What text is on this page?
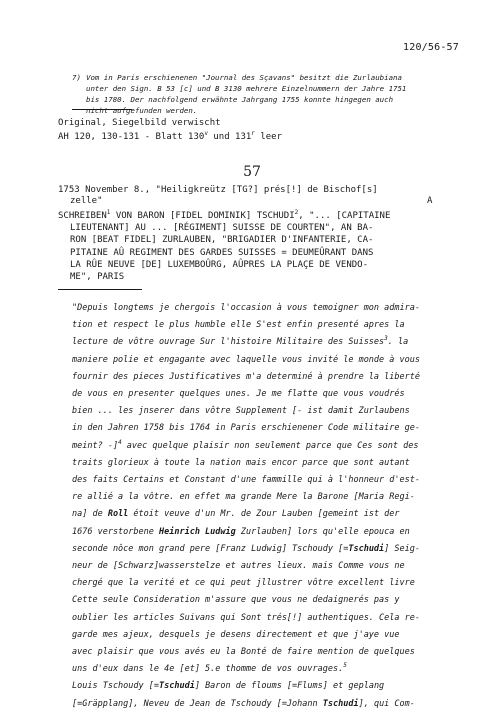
120/56-57
7) Vom in Paris erschienenen "Journal des Sçavans" besitzt die Zurlaubiana
unter den Sign. B 53 [c] und B 3130 mehrere Einzelnummern der Jahre 1751
bis 1780. Der nachfolgend erwähnte Jahrgang 1755 konnte hingegen auch
nicht aufgefunden werden.
Original, Siegelbild verwischt
AH 120, 130-131 - Blatt 130$^v$ und 131$^r$ leer
57
1753 November 8., "Heiligkreütz [TG?] prés[!] de Bischof[s]
zelle"	A
SCHREIBEN$^1$ VON BARON [FIDEL DOMINIK] TSCHUDI$^2$, "... [CAPITAINE
LIEUTENANT] AU ... [RÉGIMENT] SUISSE DE COURTEN", AN BA-
RON [BEAT FIDEL] ZURLAUBEN, "BRIGADIER D'INFANTERIE, CA-
PITAINE AÛ REGIMENT DES GARDES SUISSES = DEUMEÛRANT DANS
LA RÛE NEUVE [DE] LUXEMBOÛRG, AÛPRES LA PLAÇE DE VENDO-
ME", PARIS
"Depuis longtems je chergois l'occasion à vous temoigner mon admira-
tion et respect le plus humble elle S'est enfin presenté apres la
lecture de vôtre ouvrage Sur l'histoire Militaire des Suisses$^3$. la
maniere polie et engagante avec laquelle vous invité le monde à vous
fournir des pieces Justificatives m'a determiné à prendre la liberté
de vous en presenter quelques unes. Je me flatte que vous voudrés
bien ... les jnserer dans vôtre Supplement [- ist damit Zurlaubens
in den Jahren 1758 bis 1764 in Paris erschienener Code militaire ge-
meint? -]$^4$ avec quelque plaisir non seulement parce que Ces sont des
traits glorieux à toute la nation mais encor parce que sont autant
des faits Certains et Constant d'une fammille qui à l'honneur d'est-
re allié a la vôtre. en effet ma grande Mere la Barone [Maria Regi-
na] de Roll étoit veuve d'un Mr. de Zour Lauben [gemeint ist der
1676 verstorbene Heinrich Ludwig Zurlauben] lors qu'elle epouca en
seconde nôce mon grand pere [Franz Ludwig] Tschoudy [=Tschudi] Seig-
neur de [Schwarz]wasserstelze et autres lieux. mais Comme vous ne
chergé que la verité et ce qui peut jllustrer vôtre excellent livre
Cette seule Consideration m'assure que vous ne dedaignerés pas y
oublier les articles Suivans qui Sont trés[!] authentiques. Cela re-
garde mes ajeux, desquels je desens directement et que j'aye vue
avec plaisir que vous avés eu la Bonté de faire mention de quelques
uns d'eux dans le 4e [et] 5.e thomme de vos ouvrages.$^5$
Louis Tschoudy [=Tschudi] Baron de floums [=Flums] et geplang
[=Gräpplang], Neveu de Jean de Tschoudy [=Johann Tschudi], qui Com-
